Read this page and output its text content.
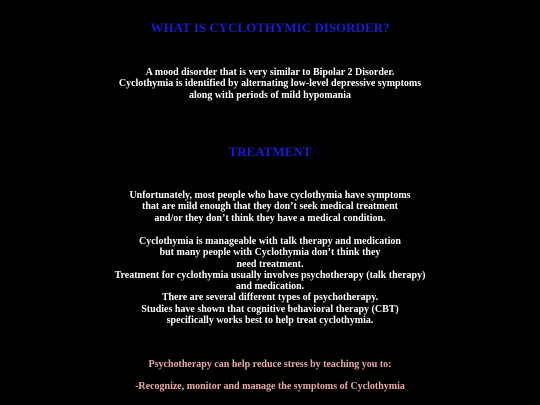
WHAT IS CYCLOTHYMIC DISORDER?
A mood disorder that is very similar to Bipolar 2 Disorder.
Cyclothymia is identified by alternating low-level depressive symptoms
along with periods of mild hypomania
TREATMENT
Unfortunately, most people who have cyclothymia have symptoms
that are mild enough that they don’t seek medical treatment
and/or they don’t think they have a medical condition.
Cyclothymia is manageable with talk therapy and medication
but many people with Cyclothymia don’t think they
need treatment.
Treatment for cyclothymia usually involves psychotherapy (talk therapy)
and medication.
There are several different types of psychotherapy.
Studies have shown that cognitive behavioral therapy (CBT)
specifically works best to help treat cyclothymia.
Psychotherapy can help reduce stress by teaching you to:
-Recognize, monitor and manage the symptoms of Cyclothymia
